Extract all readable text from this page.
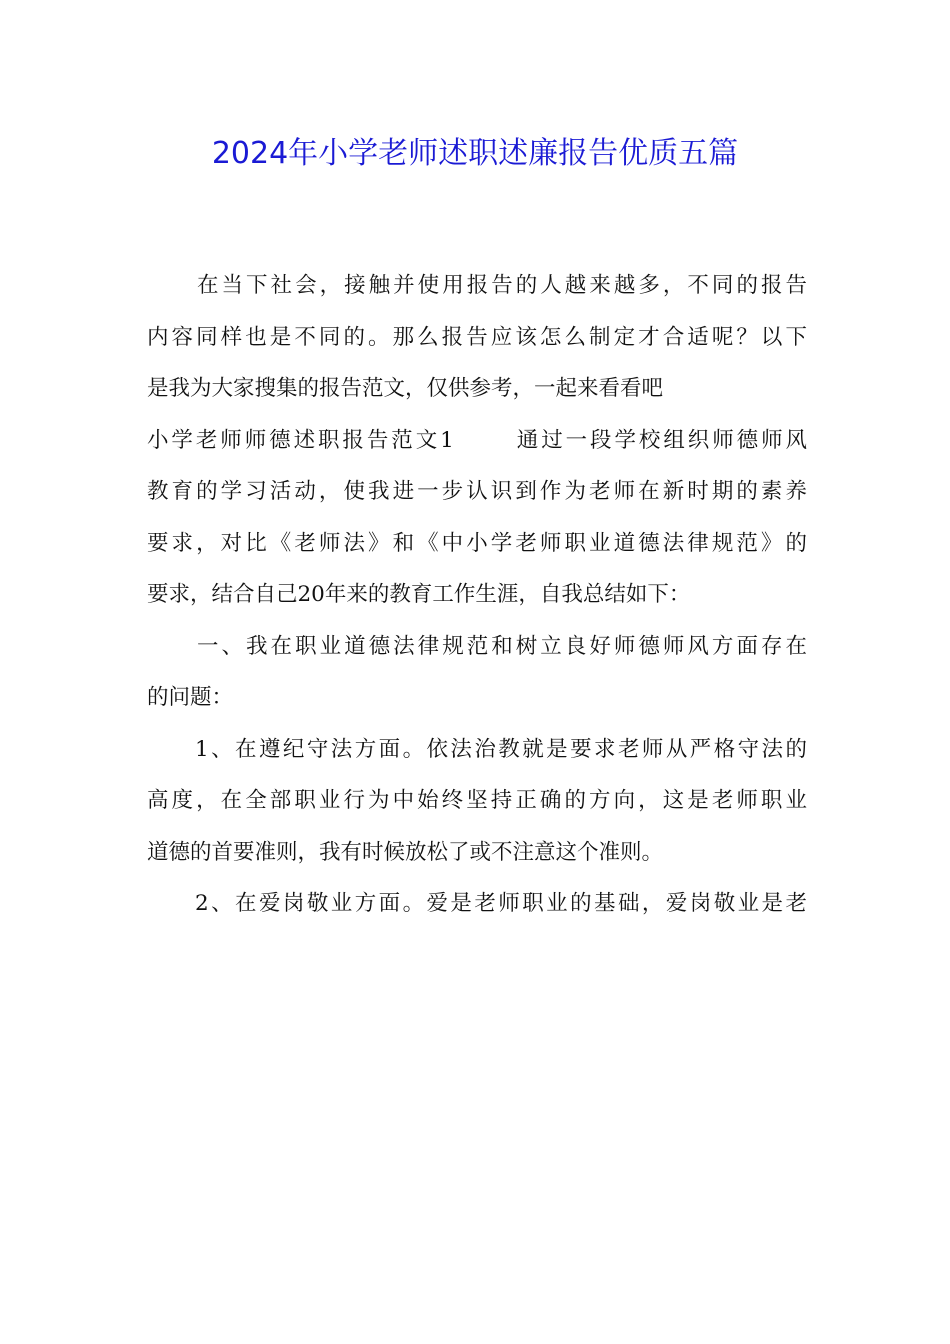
2024年小学老师述职述廉报告优质五篇
在当下社会，接触并使用报告的人越来越多，不同的报告
内容同样也是不同的。那么报告应该怎么制定才合适呢？以下
是我为大家搜集的报告范文，仅供参考，一起来看看吧
小学老师师德述职报告范文1	通过一段学校组织师德师风
教育的学习活动，使我进一步认识到作为老师在新时期的素养
要求，对比《老师法》和《中小学老师职业道德法律规范》的
要求，结合自己20年来的教育工作生涯，自我总结如下：
一、我在职业道德法律规范和树立良好师德师风方面存在
的问题：
1、在遵纪守法方面。依法治教就是要求老师从严格守法的
高度，在全部职业行为中始终坚持正确的方向，这是老师职业
道德的首要准则，我有时候放松了或不注意这个准则。
2、在爱岗敬业方面。爱是老师职业的基础，爱岗敬业是老
